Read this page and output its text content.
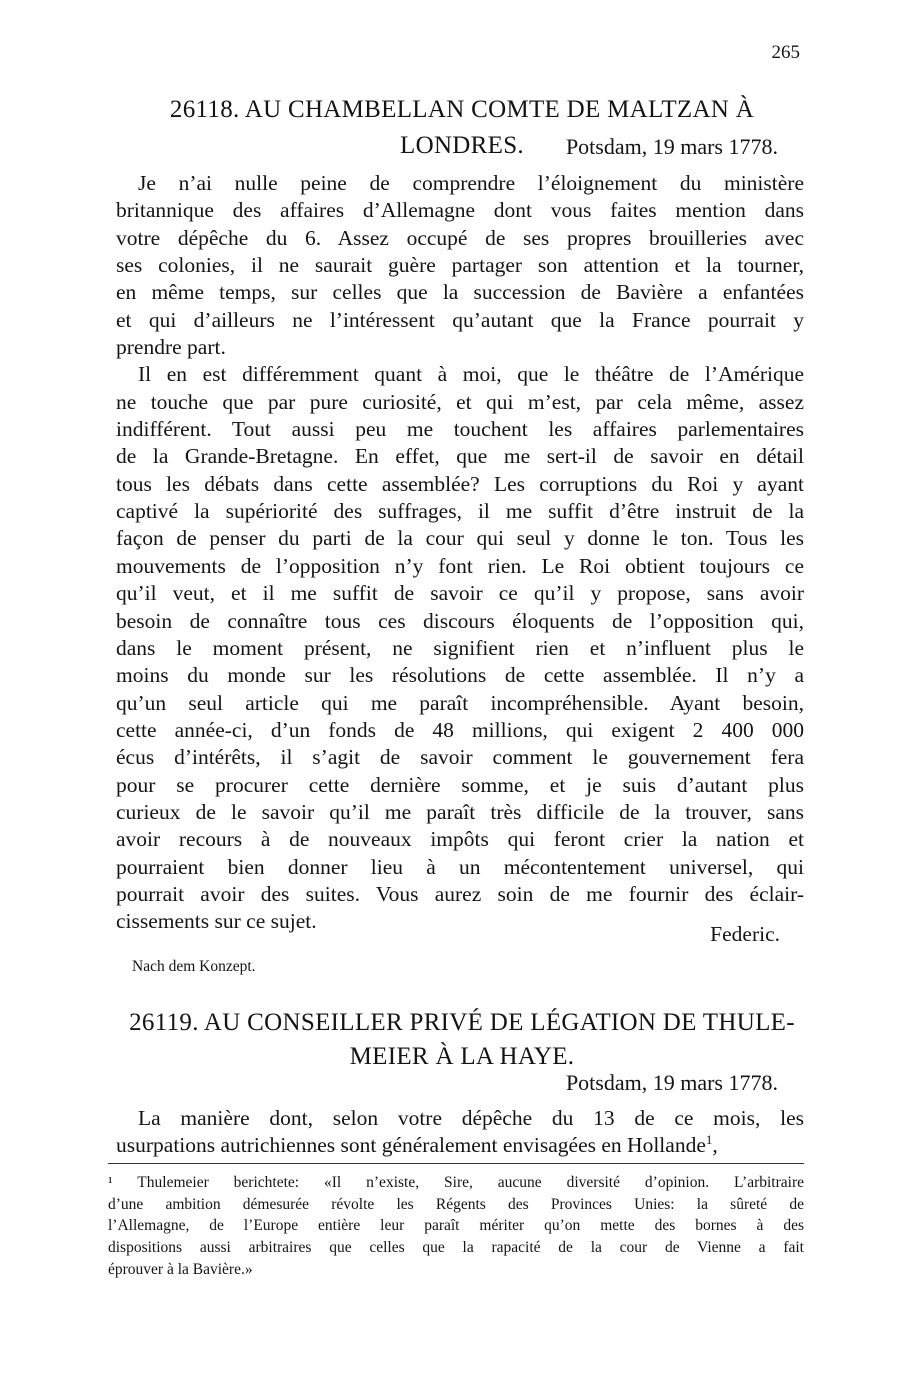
265
26118. AU CHAMBELLAN COMTE DE MALTZAN À LONDRES.	Potsdam, 19 mars 1778.
Je n’ai nulle peine de comprendre l’éloignement du ministère
britannique des affaires d’Allemagne dont vous faites mention dans
votre dépêche du 6. Assez occupé de ses propres brouilleries avec
ses colonies, il ne saurait guère partager son attention et la tourner,
en même temps, sur celles que la succession de Bavière a enfantées
et qui d’ailleurs ne l’intéressent qu’autant que la France pourrait y
prendre part.
Il en est différemment quant à moi, que le théâtre de l’Amérique
ne touche que par pure curiosité, et qui m’est, par cela même, assez
indifférent. Tout aussi peu me touchent les affaires parlementaires
de la Grande-Bretagne. En effet, que me sert-il de savoir en détail
tous les débats dans cette assemblée? Les corruptions du Roi y ayant
captivé la supériorité des suffrages, il me suffit d’être instruit de la
façon de penser du parti de la cour qui seul y donne le ton. Tous les
mouvements de l’opposition n’y font rien. Le Roi obtient toujours ce
qu’il veut, et il me suffit de savoir ce qu’il y propose, sans avoir
besoin de connaître tous ces discours éloquents de l’opposition qui,
dans le moment présent, ne signifient rien et n’influent plus le
moins du monde sur les résolutions de cette assemblée. Il n’y a
qu’un seul article qui me paraît incompréhensible. Ayant besoin,
cette année-ci, d’un fonds de 48 millions, qui exigent 2 400 000
écus d’intérêts, il s’agit de savoir comment le gouvernement fera
pour se procurer cette dernière somme, et je suis d’autant plus
curieux de le savoir qu’il me paraît très difficile de la trouver, sans
avoir recours à de nouveaux impôts qui feront crier la nation et
pourraient bien donner lieu à un mécontentement universel, qui
pourrait avoir des suites. Vous aurez soin de me fournir des éclair-
cissements sur ce sujet.
Federic.
Nach dem Konzept.
26119. AU CONSEILLER PRIVÉ DE LÉGATION DE THULE-
MEIER À LA HAYE.
Potsdam, 19 mars 1778.
La manière dont, selon votre dépêche du 13 de ce mois, les
usurpations autrichiennes sont généralement envisagées en Hollande$^1$,
¹ Thulemeier berichtete: «Il n’existe, Sire, aucune diversité d’opinion. L’arbitraire
d’une ambition démesurée révolte les Régents des Provinces Unies: la sûreté de
l’Allemagne, de l’Europe entière leur paraît mériter qu’on mette des bornes à des
dispositions aussi arbitraires que celles que la rapacité de la cour de Vienne a fait
éprouver à la Bavière.»
